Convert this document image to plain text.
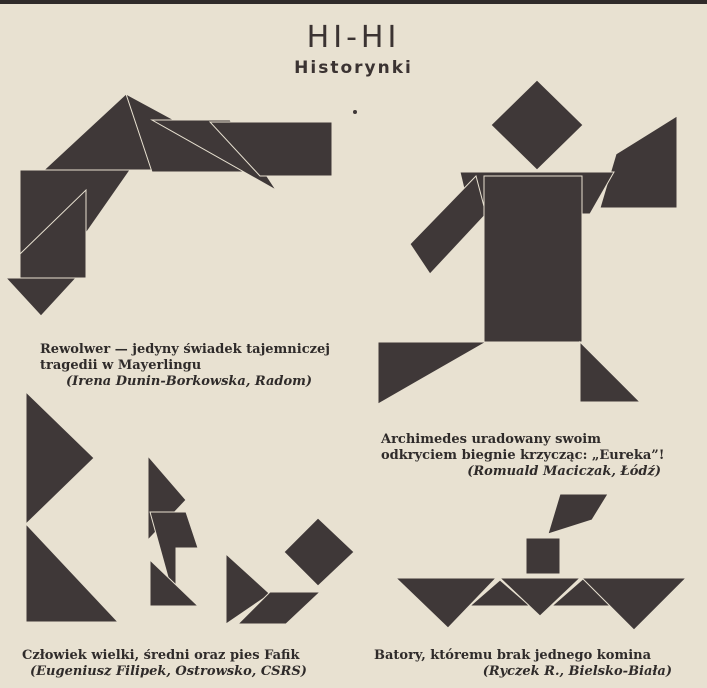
HI-HI
Historynki
Rewolwer — jedyny świadek tajemniczej tragedii w Mayerlingu
(Irena Dunin-Borkowska, Radom)
Archimedes uradowany swoim odkryciem biegnie krzycząc: „Eureka”!
(Romuald Maciczak, Łódź)
Człowiek wielki, średni oraz pies Fafik
(Eugeniusz Filipek, Ostrowsko, CSRS)
Batory, któremu brak jednego komina
(Ryczek R., Bielsko-Biała)
